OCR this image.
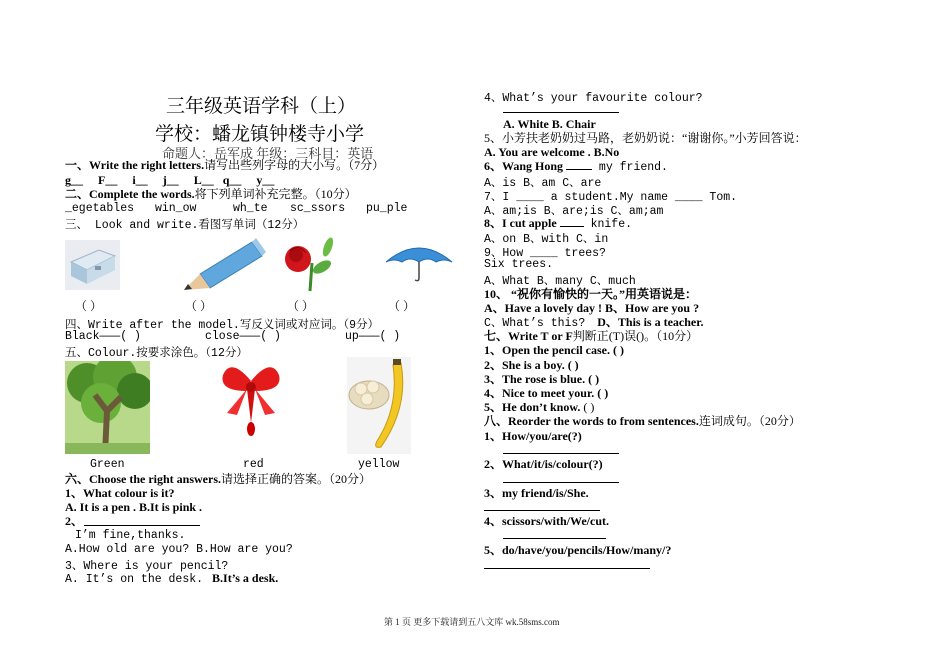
三年级英语学科（上）
学校：蟠龙镇钟楼寺小学
命题人：岳军成 年级：三科目：英语
一、Write the right letters.请写出些列字母的大小写。（7分）
g__ F__ i__ j__ L__ q__ y__
二、Complete the words.将下列单词补充完整。（10分）
_egetables win_ow	wh_te sc_ssors pu_ple
三、 Look and write.看图写单词（12分）
（ ）	（ ）	（ ）	（ ）
四、Write after the model.写反义词或对应词。（9分）
Black———( )	close———( )	up———( )
五、Colour.按要求涂色。（12分）
Green	red	yellow
六、Choose the right answers.请选择正确的答案。（20分）
1、What colour is it?
A. It is a pen . B.It is pink .
2、
I’m fine,thanks.
A.How old are you? B.How are you?
3、Where is your pencil?
A. It’s on the desk. B.It’s a desk.
4、What’s your favourite colour?
A. White B. Chair
5、小芳扶老奶奶过马路，老奶奶说：“谢谢你。”小芳回答说：
A. You are welcome . B.No
6、Wang Hong  my friend.
A、is B、am C、are
7、I ____ a student.My name ____ Tom.
A、am;is B、are;is C、am;am
8、I cut apple  knife.
A、on B、with C、in
9、How ____ trees?
Six trees.
A、What B、many C、much
10、 “祝你有愉快的一天。”用英语说是：
A、Have a lovely day ! B、How are you ?
C、What’s this? D、This is a teacher.
七、Write T or F判断正(T)误()。（10分）
1、Open the pencil case. ( )
2、She is a boy. ( )
3、The rose is blue. ( )
4、Nice to meet your. ( )
5、He don’t know. ( )
八、Reorder the words to from sentences.连词成句。（20分）
1、How/you/are(?)
2、What/it/is/colour(?)
3、my friend/is/She.
4、scissors/with/We/cut.
5、do/have/you/pencils/How/many/?
第 1 页 更多下载请到五八文库 wk.58sms.com
